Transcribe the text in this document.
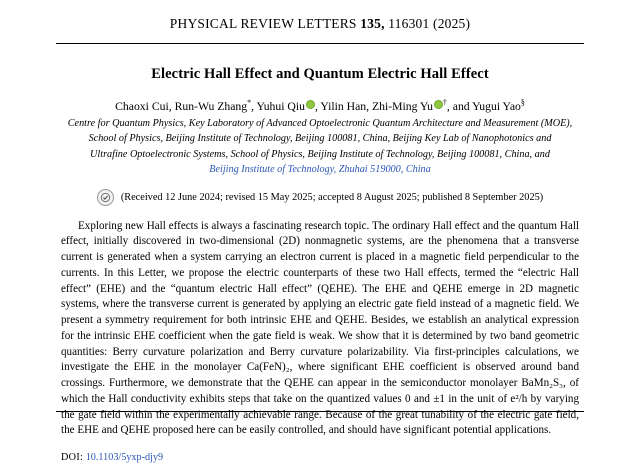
PHYSICAL REVIEW LETTERS 135, 116301 (2025)
Electric Hall Effect and Quantum Electric Hall Effect
Chaoxi Cui, Run-Wu Zhang*, Yuhui Qiu , Yilin Han, Zhi-Ming Yu †, and Yugui Yao§
Centre for Quantum Physics, Key Laboratory of Advanced Optoelectronic Quantum Architecture and Measurement (MOE),
School of Physics, Beijing Institute of Technology, Beijing 100081, China, Beijing Key Lab of Nanophotonics and
Ultrafine Optoelectronic Systems, School of Physics, Beijing Institute of Technology, Beijing 100081, China, and
Beijing Institute of Technology, Zhuhai 519000, China
(Received 12 June 2024; revised 15 May 2025; accepted 8 August 2025; published 8 September 2025)
Exploring new Hall effects is always a fascinating research topic. The ordinary Hall effect and the quantum Hall effect, initially discovered in two-dimensional (2D) nonmagnetic systems, are the phenomena that a transverse current is generated when a system carrying an electron current is placed in a magnetic field perpendicular to the currents. In this Letter, we propose the electric counterparts of these two Hall effects, termed the “electric Hall effect” (EHE) and the “quantum electric Hall effect” (QEHE). The EHE and QEHE emerge in 2D magnetic systems, where the transverse current is generated by applying an electric gate field instead of a magnetic field. We present a symmetry requirement for both intrinsic EHE and QEHE. Besides, we establish an analytical expression for the intrinsic EHE coefficient when the gate field is weak. We show that it is determined by two band geometric quantities: Berry curvature polarization and Berry curvature polarizability. Via first-principles calculations, we investigate the EHE in the monolayer Ca(FeN)₂, where significant EHE coefficient is observed around band crossings. Furthermore, we demonstrate that the QEHE can appear in the semiconductor monolayer BaMn₂S₃, of which the Hall conductivity exhibits steps that take on the quantized values 0 and ±1 in the unit of e²/h by varying the gate field within the experimentally achievable range. Because of the great tunability of the electric gate field, the EHE and QEHE proposed here can be easily controlled, and should have significant potential applications.
DOI: 10.1103/5yxp-djy9
